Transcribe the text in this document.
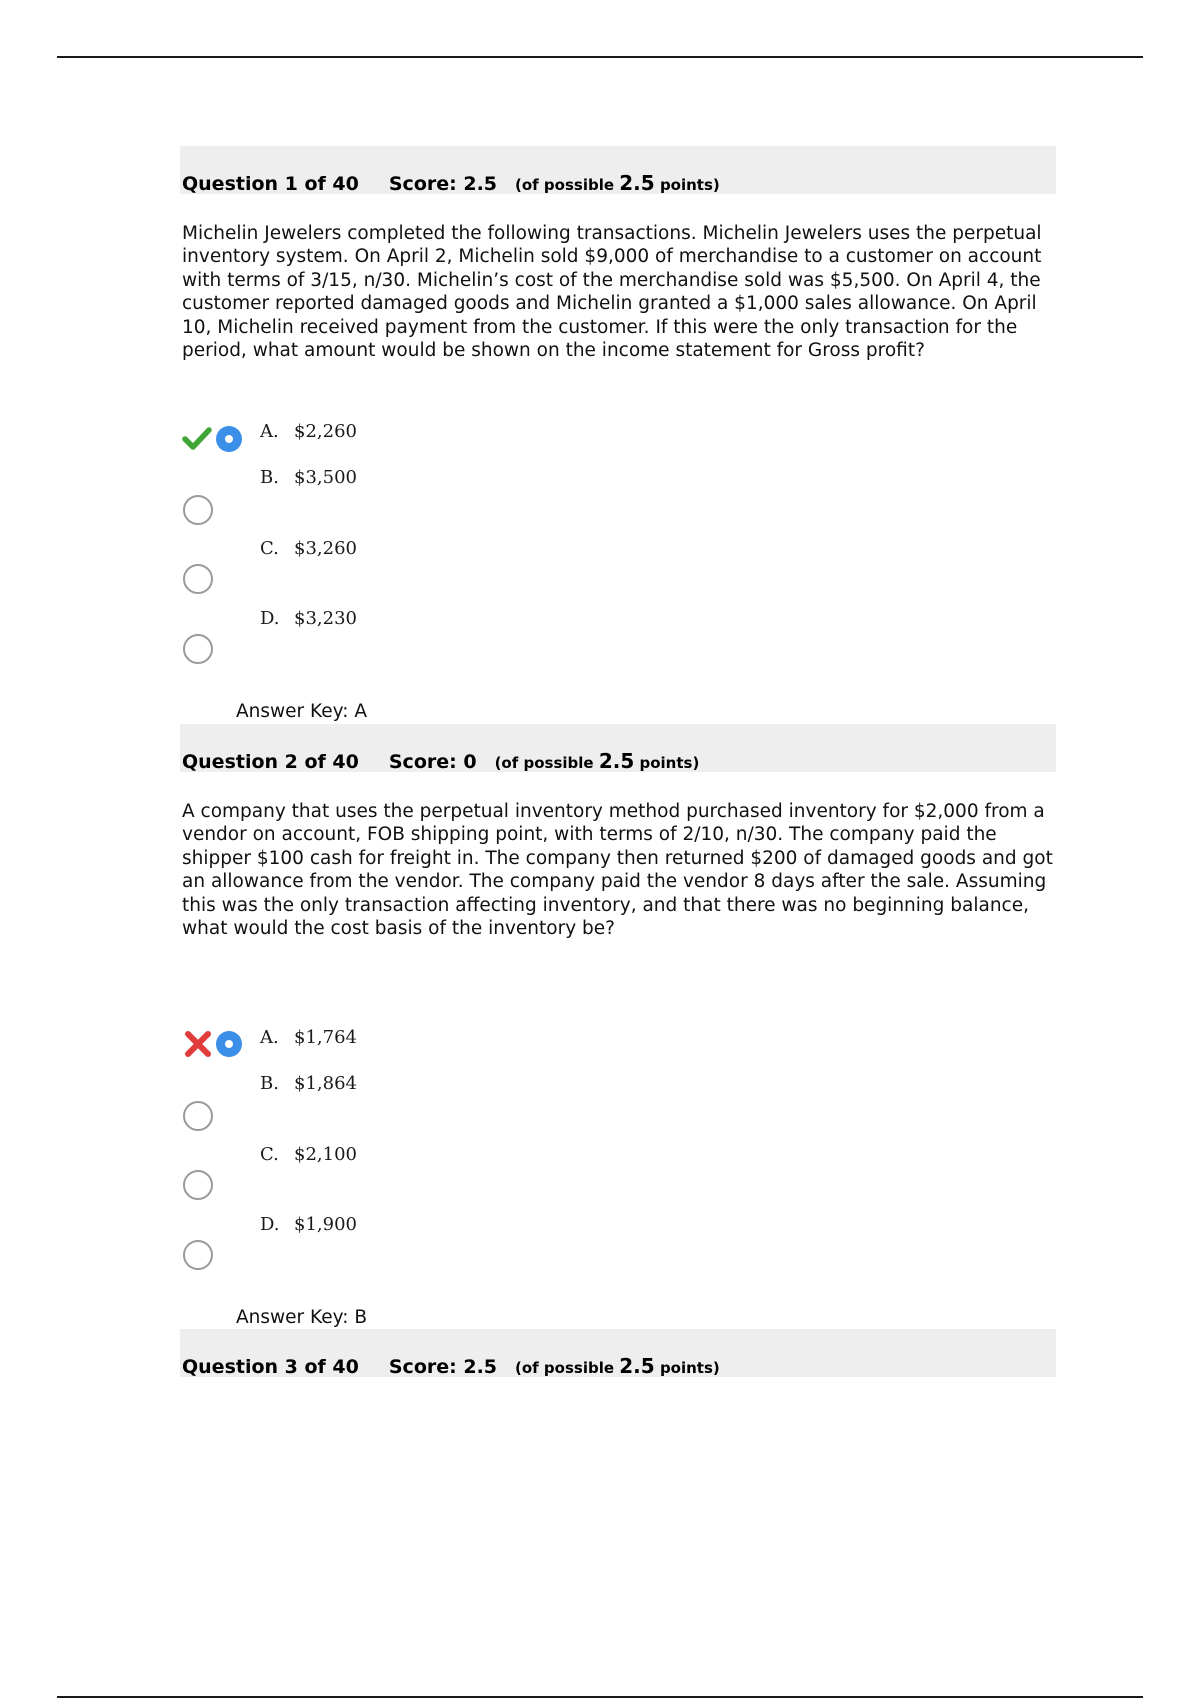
Question 1 of 40 Score: 2.5 (of possible 2.5 points)

Michelin Jewelers completed the following transactions. Michelin Jewelers uses the perpetual inventory system. On April 2, Michelin sold $9,000 of merchandise to a customer on account with terms of 3/15, n/30. Michelin’s cost of the merchandise sold was $5,500. On April 4, the customer reported damaged goods and Michelin granted a $1,000 sales allowance. On April 10, Michelin received payment from the customer. If this were the only transaction for the period, what amount would be shown on the income statement for Gross profit?

A. $2,260
B. $3,500
C. $3,260
D. $3,230
Answer Key: A
Question 2 of 40 Score: 0 (of possible 2.5 points)

A company that uses the perpetual inventory method purchased inventory for $2,000 from a vendor on account, FOB shipping point, with terms of 2/10, n/30. The company paid the shipper $100 cash for freight in. The company then returned $200 of damaged goods and got an allowance from the vendor. The company paid the vendor 8 days after the sale. Assuming this was the only transaction affecting inventory, and that there was no beginning balance, what would the cost basis of the inventory be?

A. $1,764
B. $1,864
C. $2,100
D. $1,900
Answer Key: B
Question 3 of 40 Score: 2.5 (of possible 2.5 points)
